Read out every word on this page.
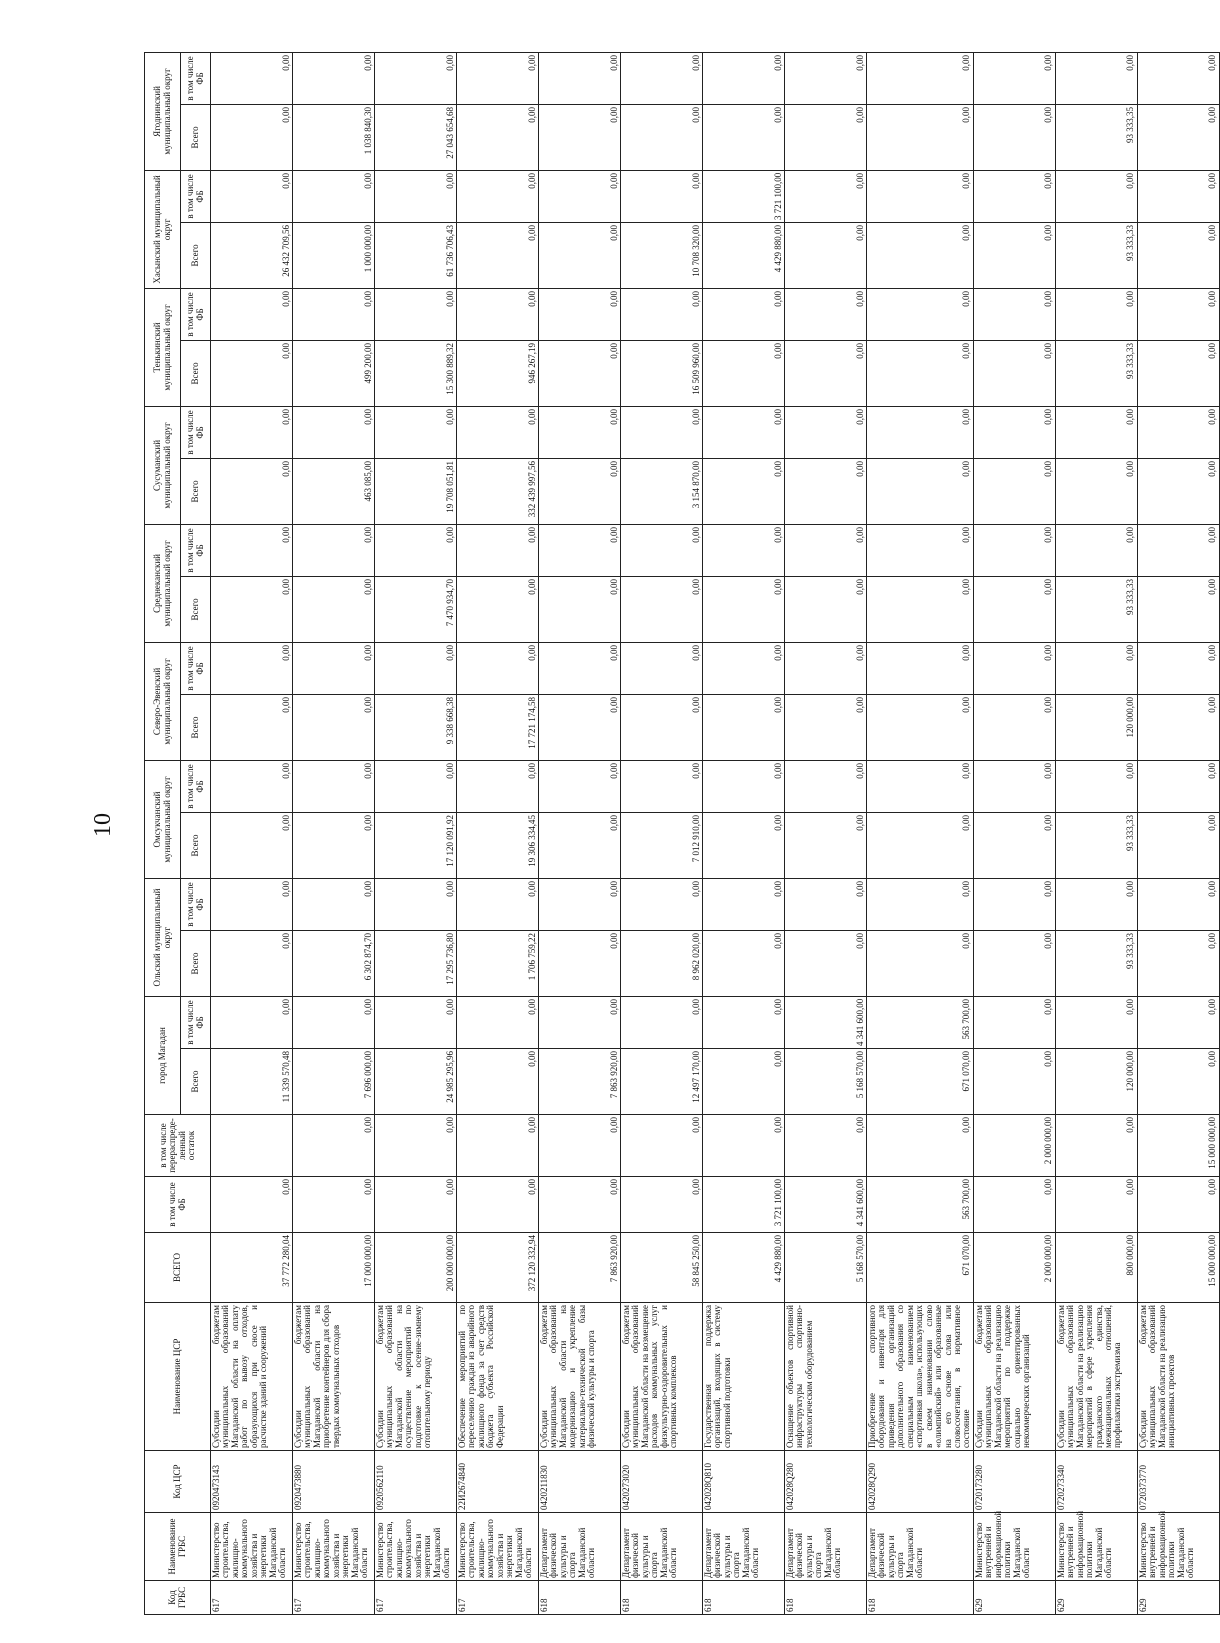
10
Код ГРБС	Наименование ГРБС	Код ЦСР	Наименование ЦСР	ВСЕГО	в том числе ФБ	в том числе перераспреде-ленный остаток	город Магадан		Ольский муниципальный округ		Омсукчанский муниципальный округ		Северо-Эвенский муниципальный округ		Среднеканский муниципальный округ		Сусуманский муниципальный округ		Тенькинский муниципальный округ		Хасынский муниципальный округ		Ягоднинский муниципальный округ	
							Всего	в том числе ФБ	Всего	в том числе ФБ	Всего	в том числе ФБ	Всего	в том числе ФБ	Всего	в том числе ФБ	Всего	в том числе ФБ	Всего	в том числе ФБ	Всего	в том числе ФБ	Всего	в том числе ФБ
617	Министерство строительства, жилищно-коммунального хозяйства и энергетики Магаданской области	0920473143	Субсидии бюджетам муниципальных образований Магаданской области на оплату работ по вывозу отходов, образующихся при сносе и расчистке зданий и сооружений	37 772 280,04	0,00		11 339 570,48	0,00	0,00	0,00	0,00	0,00	0,00	0,00	0,00	0,00	0,00	0,00	0,00	0,00	26 432 709,56	0,00	0,00	0,00
617	Министерство строительства, жилищно-коммунального хозяйства и энергетики Магаданской области	0920473880	Субсидии бюджетам муниципальных образований Магаданской области на приобретение контейнеров для сбора твердых коммунальных отходов	17 000 000,00	0,00	0,00	7 696 000,00	0,00	6 302 874,70	0,00	0,00	0,00	0,00	0,00	0,00	0,00	463 085,00	0,00	499 200,00	0,00	1 000 000,00	0,00	1 038 840,30	0,00
617	Министерство строительства, жилищно-коммунального хозяйства и энергетики Магаданской области	0920562110	Субсидии бюджетам муниципальных образований Магаданской области на осуществление мероприятий по подготовке к осенне-зимнему отопительному периоду	200 000 000,00	0,00	0,00	24 985 295,96	0,00	17 295 736,80	0,00	17 120 091,92	0,00	9 338 668,38	0,00	7 470 934,70	0,00	19 708 051,81	0,00	15 300 889,32	0,00	61 736 706,43	0,00	27 043 654,68	0,00
617	Министерство строительства, жилищно-коммунального хозяйства и энергетики Магаданской области	22И2674840	Обеспечение мероприятий по переселению граждан из аварийного жилищного фонда за счет средств бюджета субъекта Российской Федерации	372 120 332,94	0,00	0,00	0,00	0,00	1 706 759,22	0,00	19 306 334,45	0,00	17 721 174,58	0,00	0,00	0,00	332 439 997,56	0,00	946 267,19	0,00	0,00	0,00	0,00	0,00
618	Департамент физической культуры и спорта Магаданской области	0420211830	Субсидии бюджетам муниципальных образований Магаданской области на модернизацию и укрепление материально-технической базы физической культуры и спорта	7 863 920,00	0,00	0,00	7 863 920,00	0,00	0,00	0,00	0,00	0,00	0,00	0,00	0,00	0,00	0,00	0,00	0,00	0,00	0,00	0,00	0,00	0,00
618	Департамент физической культуры и спорта Магаданской области	0420273020	Субсидии бюджетам муниципальных образований Магаданской области на возмещение расходов коммунальных услуг физкультурно-оздоровительных и спортивных комплексов	58 845 250,00	0,00	0,00	12 497 170,00	0,00	8 962 020,00	0,00	7 012 910,00	0,00	0,00	0,00	0,00	0,00	3 154 870,00	0,00	16 509 960,00	0,00	10 708 320,00	0,00	0,00	0,00
618	Департамент физической культуры и спорта Магаданской области	042028Q810	Государственная поддержка организаций, входящих в систему спортивной подготовки	4 429 880,00	3 721 100,00	0,00	0,00	0,00	0,00	0,00	0,00	0,00	0,00	0,00	0,00	0,00	0,00	0,00	0,00	0,00	4 429 880,00	3 721 100,00	0,00	0,00
618	Департамент физической культуры и спорта Магаданской области	042028Q280	Оснащение объектов спортивной инфраструктуры спортивно-технологическим оборудованием	5 168 570,00	4 341 600,00	0,00	5 168 570,00	4 341 600,00	0,00	0,00	0,00	0,00	0,00	0,00	0,00	0,00	0,00	0,00	0,00	0,00	0,00	0,00	0,00	0,00
618	Департамент физической культуры и спорта Магаданской области	042028Q290	Приобретение спортивного оборудования и инвентаря для приведения организаций дополнительного образования со специальным наименованием «спортивная школа», использующих в своем наименовании слово «олимпийский» или образованные на его основе слова или словосочетания, в нормативное состояние	671 070,00	563 700,00	0,00	671 070,00	563 700,00	0,00	0,00	0,00	0,00	0,00	0,00	0,00	0,00	0,00	0,00	0,00	0,00	0,00	0,00	0,00	0,00
629	Министерство внутренней и информационной политики Магаданской области	0720173280	Субсидии бюджетам муниципальных образований Магаданской области на реализацию мероприятий по поддержке социально ориентированных некоммерческих организаций	2 000 000,00	0,00	2 000 000,00	0,00	0,00	0,00	0,00	0,00	0,00	0,00	0,00	0,00	0,00	0,00	0,00	0,00	0,00	0,00	0,00	0,00	0,00
629	Министерство внутренней и информационной политики Магаданской области	0720273340	Субсидии бюджетам муниципальных образований Магаданской области на реализацию мероприятий в сфере укрепления гражданского единства, межнациональных отношений, профилактики экстремизма	800 000,00	0,00	0,00	120 000,00	0,00	93 333,33	0,00	93 333,33	0,00	120 000,00	0,00	93 333,33	0,00	0,00	0,00	93 333,33	0,00	93 333,33	0,00	93 333,35	0,00
629	Министерство внутренней и информационной политики Магаданской области	0720373770	Субсидии бюджетам муниципальных образований Магаданской области на реализацию инициативных проектов	15 000 000,00	0,00	15 000 000,00	0,00	0,00	0,00	0,00	0,00	0,00	0,00	0,00	0,00	0,00	0,00	0,00	0,00	0,00	0,00	0,00	0,00	0,00
